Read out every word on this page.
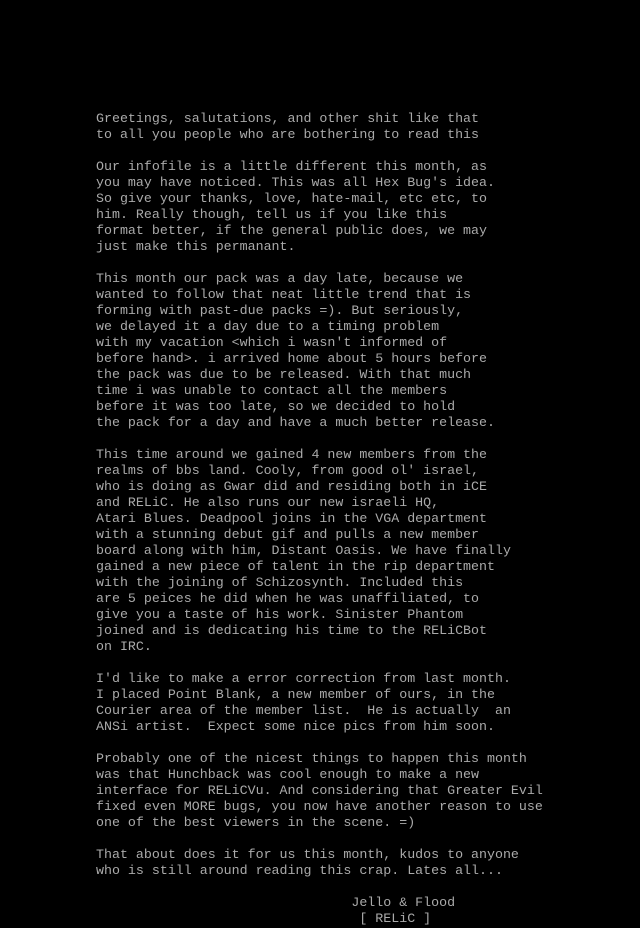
Greetings, salutations, and other shit like that
to all you people who are bothering to read this
Our infofile is a little different this month, as
you may have noticed. This was all Hex Bug's idea.
So give your thanks, love, hate-mail, etc etc, to
him. Really though, tell us if you like this
format better, if the general public does, we may
just make this permanant.
This month our pack was a day late, because we
wanted to follow that neat little trend that is
forming with past-due packs =). But seriously,
we delayed it a day due to a timing problem
with my vacation <which i wasn't informed of
before hand>. i arrived home about 5 hours before
the pack was due to be released. With that much
time i was unable to contact all the members
before it was too late, so we decided to hold
the pack for a day and have a much better release.
This time around we gained 4 new members from the
realms of bbs land. Cooly, from good ol' israel,
who is doing as Gwar did and residing both in iCE
and RELiC. He also runs our new israeli HQ,
Atari Blues. Deadpool joins in the VGA department
with a stunning debut gif and pulls a new member
board along with him, Distant Oasis. We have finally
gained a new piece of talent in the rip department
with the joining of Schizosynth. Included this
are 5 peices he did when he was unaffiliated, to
give you a taste of his work. Sinister Phantom
joined and is dedicating his time to the RELiCBot
on IRC.
I'd like to make a error correction from last month.
I placed Point Blank, a new member of ours, in the
Courier area of the member list.  He is actually  an
ANSi artist.  Expect some nice pics from him soon.
Probably one of the nicest things to happen this month
was that Hunchback was cool enough to make a new
interface for RELiCVu. And considering that Greater Evil
fixed even MORE bugs, you now have another reason to use
one of the best viewers in the scene. =)
That about does it for us this month, kudos to anyone
who is still around reading this crap. Lates all...
Jello & Flood
[ RELiC ]
